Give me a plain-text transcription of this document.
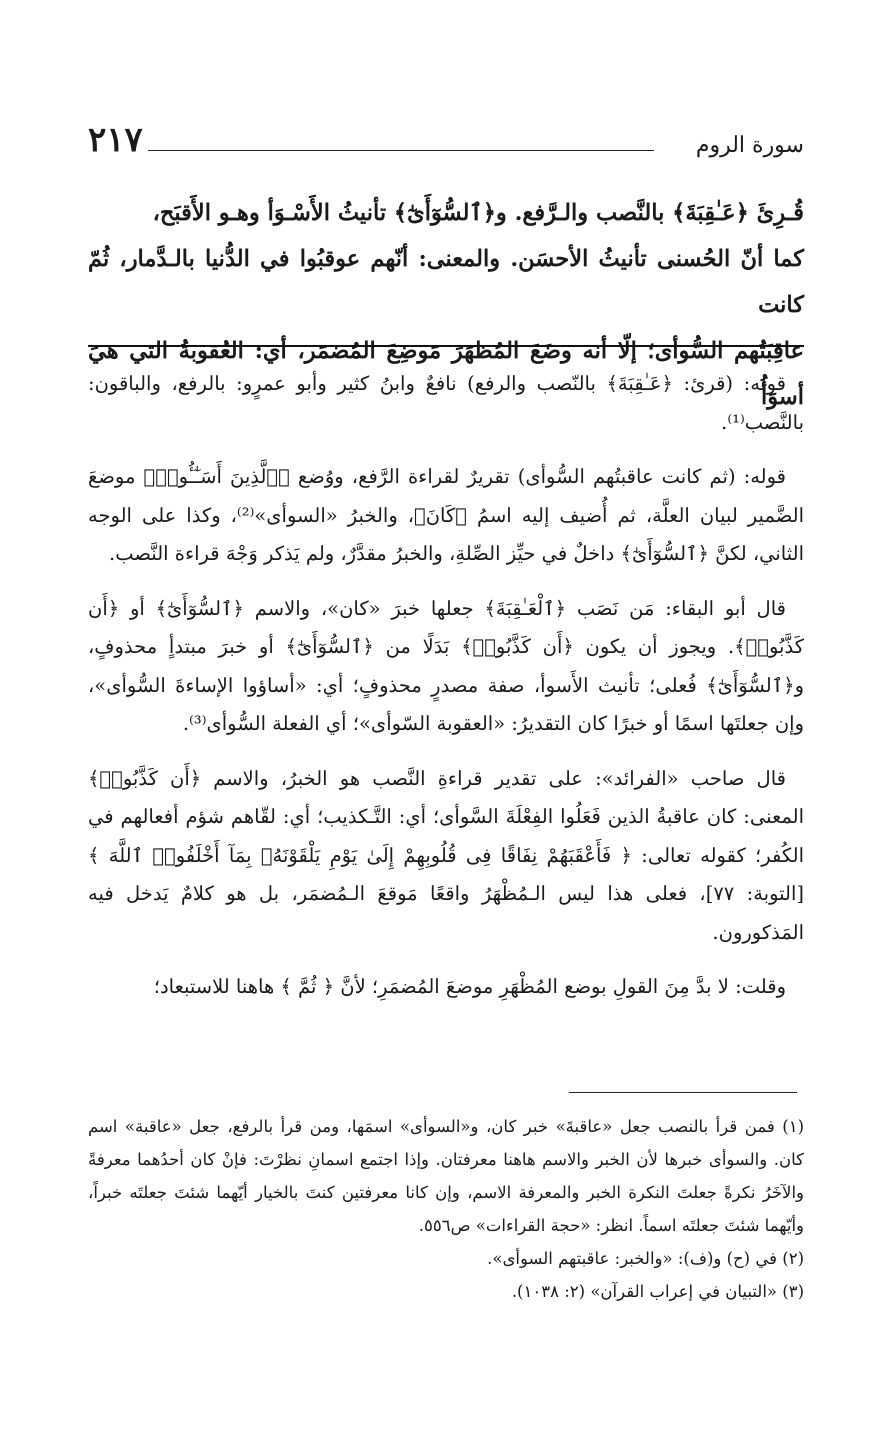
٢١٧	سورة الروم

قُـرِئَ ﴿عَـٰقِبَةَ﴾ بالنَّصب والـرَّفع. و﴿ٱلسُّوٓأَىٰٓ﴾ تأنيثُ الأَسْـوَأ وهـو الأَقبَح،

كما أنّ الحُسنى تأنيثُ الأحسَن. والمعنى: أنّهم عوقبُوا في الدُّنيا بالـدَّمار، ثُمّ كانت

عاقِبَتُهم السُّوأى؛ إلّا أنه وضَعَ المُظهَرَ مَوضِعَ المُضمَر، أي: العُقوبةُ التي هيَ أسوَأُ

قوله: (قرئ: ﴿عَـٰقِبَةَ﴾ بالنّصب والرفع) نافعٌ وابنُ كثير وأبو عمرٍو: بالرفع، والباقون: بالنَّصب⁽¹⁾.

قوله: (ثم كانت عاقبتُهم السُّوأى) تقريرٌ لقراءة الرَّفع، ووُضع ﴿ٱلَّذِينَ أَسَـٰٓـُٔوا۟﴾ موضعَ الضَّمير لبيان العلَّة، ثم أُضيف إليه اسمُ ﴿كَانَ﴾، والخبرُ «السوأى»⁽²⁾، وكذا على الوجه الثاني، لكنَّ ﴿ٱلسُّوٓأَىٰٓ﴾ داخلٌ في حيِّز الصِّلةِ، والخبرُ مقدَّرٌ، ولم يَذكر وَجْهَ قراءة النَّصب.

قال أبو البقاء: مَن نَصَب ﴿ٱلْعَـٰقِبَةَ﴾ جعلها خبرَ «كان»، والاسم ﴿ٱلسُّوٓأَىٰٓ﴾ أو ﴿أَن كَذَّبُوا۟﴾. ويجوز أن يكون ﴿أَن كَذَّبُوا۟﴾ بَدَلًا من ﴿ٱلسُّوٓأَىٰٓ﴾ أو خبرَ مبتدأٍ محذوفٍ، و﴿ٱلسُّوٓأَىٰٓ﴾ فُعلى؛ تأنيث الأَسوأ، صفة مصدرٍ محذوفٍ؛ أي: «أساؤوا الإساءةَ السُّوأى»، وإن جعلتَها اسمًا أو خبرًا كان التقديرُ: «العقوبة السّوأى»؛ أي الفعلة السُّوأى⁽³⁾.

قال صاحب «الفرائد»: على تقدير قراءةِ النَّصب هو الخبرُ، والاسم ﴿أَن كَذَّبُوا۟﴾ المعنى: كان عاقبةُ الذين فَعَلُوا الفِعْلَةَ السَّوأى؛ أي: التَّـكذيب؛ أي: لقّاهم شؤم أفعالهم في الكُفر؛ كقوله تعالى: ﴿ فَأَعْقَبَهُمْ نِفَاقًا فِى قُلُوبِهِمْ إِلَىٰ يَوْمِ يَلْقَوْنَهُۥ بِمَآ أَخْلَفُوا۟ ٱللَّهَ ﴾[التوبة: ٧٧]، فعلى هذا ليس الـمُظْهَرُ واقعًا مَوقعَ الـمُضمَر، بل هو كلامٌ يَدخل فيه المَذكورون.

وقلت: لا بدَّ مِنَ القولِ بوضع المُظْهَرِ موضعَ المُضمَرِ؛ لأنَّ ﴿ ثُمَّ ﴾ هاهنا للاستبعاد؛

(١) فمن قرأ بالنصب جعل «عاقبةَ» خبر كان، و«السوأى» اسمَها، ومن قرأ بالرفع، جعل «عاقبة» اسم كان. والسوأى خبرها لأن الخبر والاسم هاهنا معرفتان. وإذا اجتمع اسمانِ نظرْتَ: فإنْ كان أحدُهما معرفةً والآخَرُ نكرةً جعلتَ النكرة الخبر والمعرفة الاسم، وإن كانا معرفتين كنتَ بالخيار أيّهما شئتَ جعلتَه خبراً، وأيّهما شئتَ جعلتَه اسماً. انظر: «حجة القراءات» ص٥٥٦.

(٢) في (ح) و(ف): «والخبر: عاقبتهم السوأى».

(٣) «التبيان في إعراب القرآن» (٢: ١٠٣٨).
